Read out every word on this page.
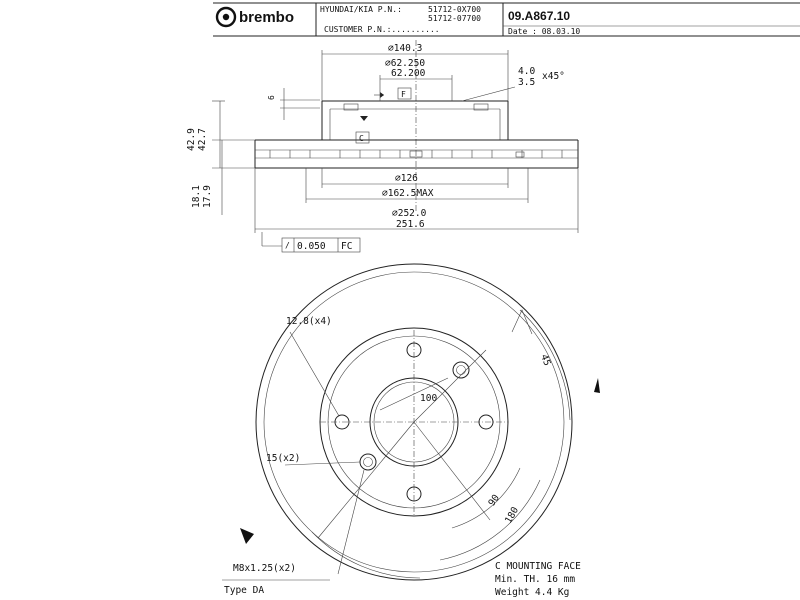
brembo	HYUNDAI/KIA P.N.:	51712-0X700
51712-07700
CUSTOMER P.N.:..........
09.A867.10
Date : 08.03.10
F
C
∅140.3
∅62.250
62.200	4.0
3.5
x45°
6
42.9 42.7
18.1 17.9
∅126
∅162.5MAX
∅252.0
251.6
/ 0.050 FC
12.8(x4)
100
45
15(x2)
90
180
M8x1.25(x2)
Type DA
C MOUNTING FACE
Min. TH. 16 mm
Weight 4.4 Kg
